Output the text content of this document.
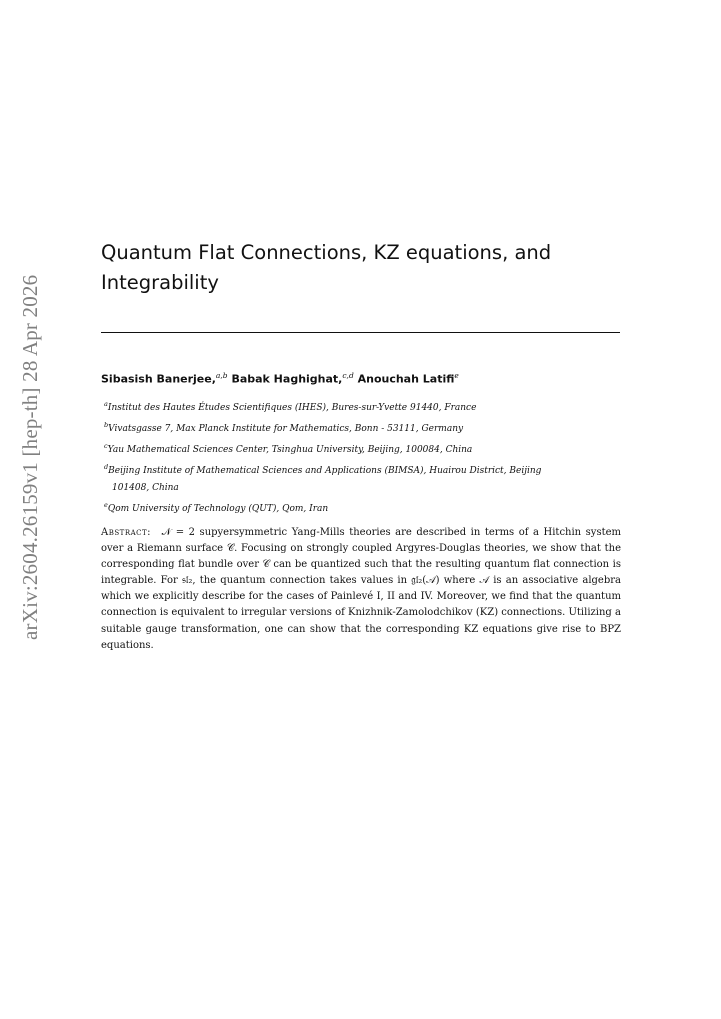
arXiv:2604.26159v1 [hep-th] 28 Apr 2026
Quantum Flat Connections, KZ equations, and
Integrability
Sibasish Banerjee,$^{a,b}$ Babak Haghighat,$^{c,d}$ Anouchah Latifi$^e$
$^a$Institut des Hautes Études Scientifiques (IHES), Bures-sur-Yvette 91440, France
$^b$Vivatsgasse 7, Max Planck Institute for Mathematics, Bonn - 53111, Germany
$^c$Yau Mathematical Sciences Center, Tsinghua University, Beijing, 100084, China
$^d$Beijing Institute of Mathematical Sciences and Applications (BIMSA), Huairou District, Beijing
101408, China
$^e$Qom University of Technology (QUT), Qom, Iran

Abstract: 𝒩 = 2 supyersymmetric Yang-Mills theories are described in terms of a Hitchin system over a Riemann surface 𝒞. Focusing on strongly coupled Argyres-Douglas theories, we show that the corresponding flat bundle over 𝒞 can be quantized such that the resulting quantum flat connection is integrable. For 𝔰𝔩₂, the quantum connection takes values in 𝔤𝔩₂(𝒜) where 𝒜 is an associative algebra which we explicitly describe for the cases of Painlevé I, II and IV. Moreover, we find that the quantum connection is equivalent to irregular versions of Knizhnik-Zamolodchikov (KZ) connections. Utilizing a suitable gauge transformation, one can show that the corresponding KZ equations give rise to BPZ equations.
